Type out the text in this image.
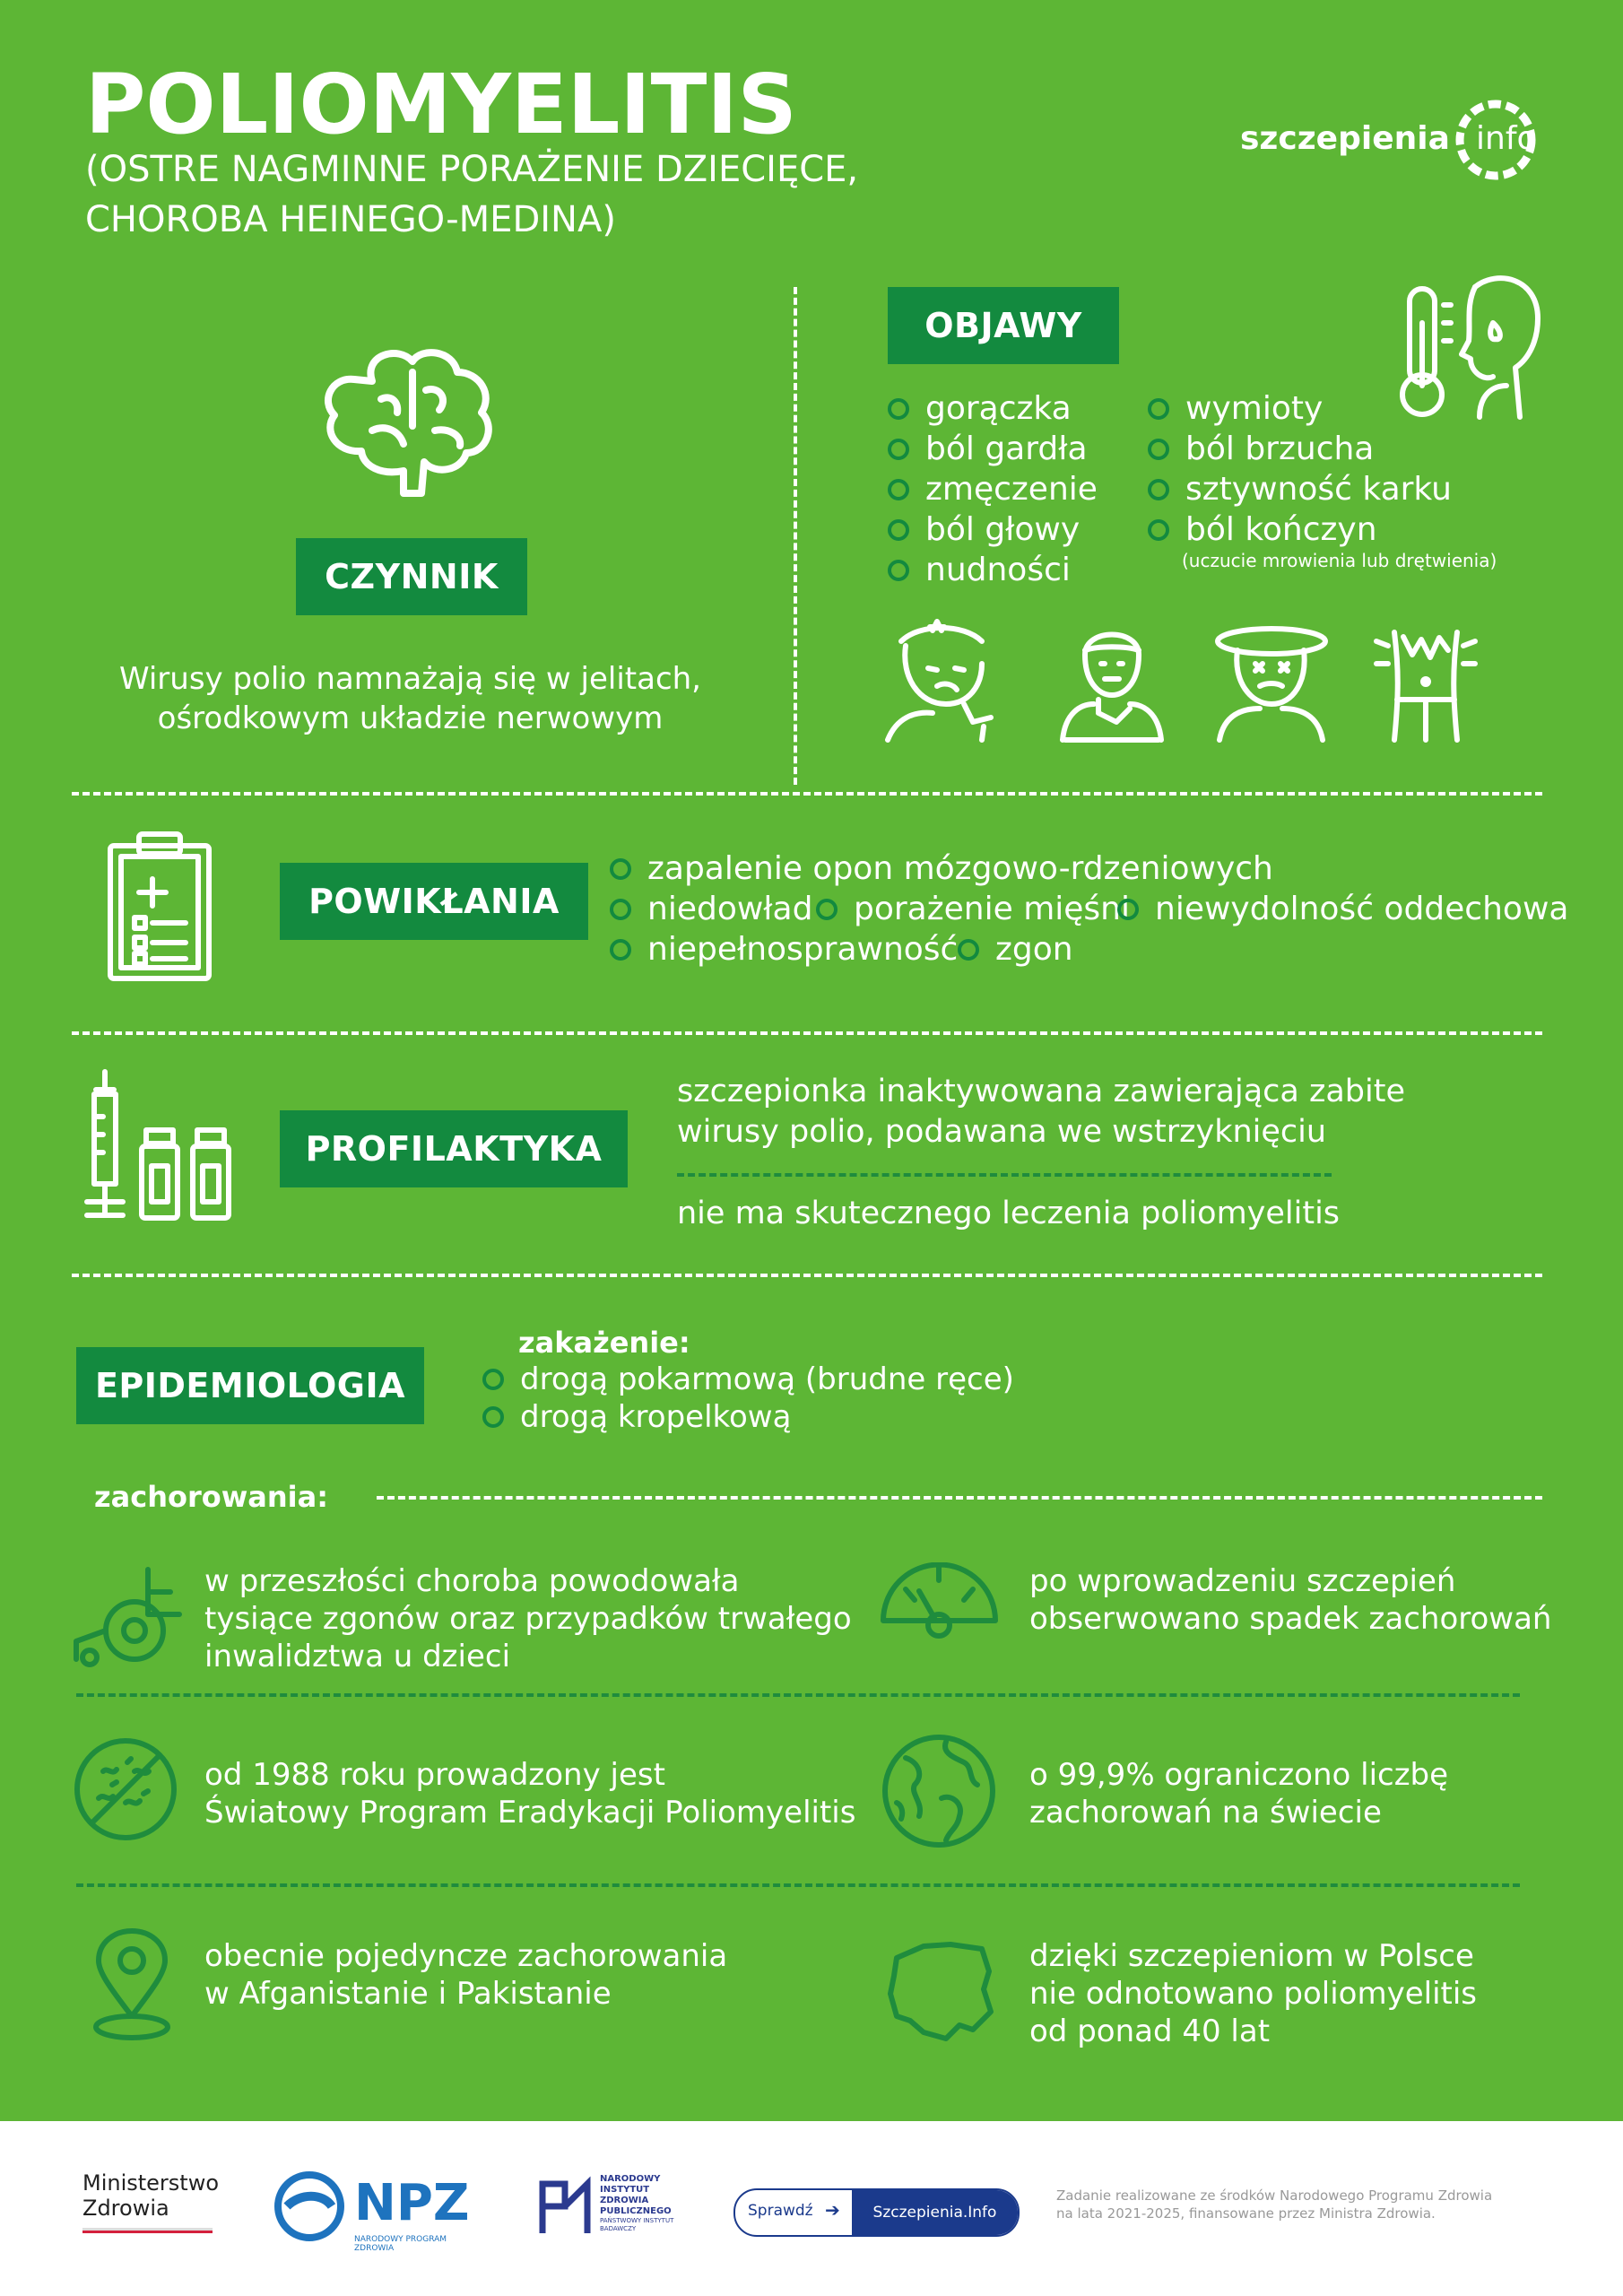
POLIOMYELITIS
(OSTRE NAGMINNE PORAŻENIE DZIECIĘCE,
CHOROBA HEINEGO-MEDINA)
szczepienia info
CZYNNIK
Wirusy polio namnażają się w jelitach,
ośrodkowym układzie nerwowym
OBJAWY
gorączka
ból gardła
zmęczenie
ból głowy
nudności
wymioty
ból brzucha
sztywność karku
ból kończyn
(uczucie mrowienia lub drętwienia)
POWIKŁANIA
zapalenie opon mózgowo-rdzeniowych
niedowład porażenie mięśni niewydolność oddechowa
niepełnosprawność zgon
PROFILAKTYKA
szczepionka inaktywowana zawierająca zabite
wirusy polio, podawana we wstrzyknięciu
nie ma skutecznego leczenia poliomyelitis
EPIDEMIOLOGIA
zakażenie:
drogą pokarmową (brudne ręce)
drogą kropelkową
zachorowania:
w przeszłości choroba powodowała
tysiące zgonów oraz przypadków trwałego
inwalidztwa u dzieci
po wprowadzeniu szczepień
obserwowano spadek zachorowań
od 1988 roku prowadzony jest
Światowy Program Eradykacji Poliomyelitis
o 99,9% ograniczono liczbę
zachorowań na świecie
obecnie pojedyncze zachorowania
w Afganistanie i Pakistanie
dzięki szczepieniom w Polsce
nie odnotowano poliomyelitis
od ponad 40 lat
Ministerstwo
Zdrowia	NPZ
NARODOWY PROGRAM ZDROWIA
NARODOWY
INSTYTUT
ZDROWIA
PUBLICZNEGO
PAŃSTWOWY INSTYTUT BADAWCZY
Sprawdź ➔	Szczepienia.Info
Zadanie realizowane ze środków Narodowego Programu Zdrowia
na lata 2021-2025, finansowane przez Ministra Zdrowia.
